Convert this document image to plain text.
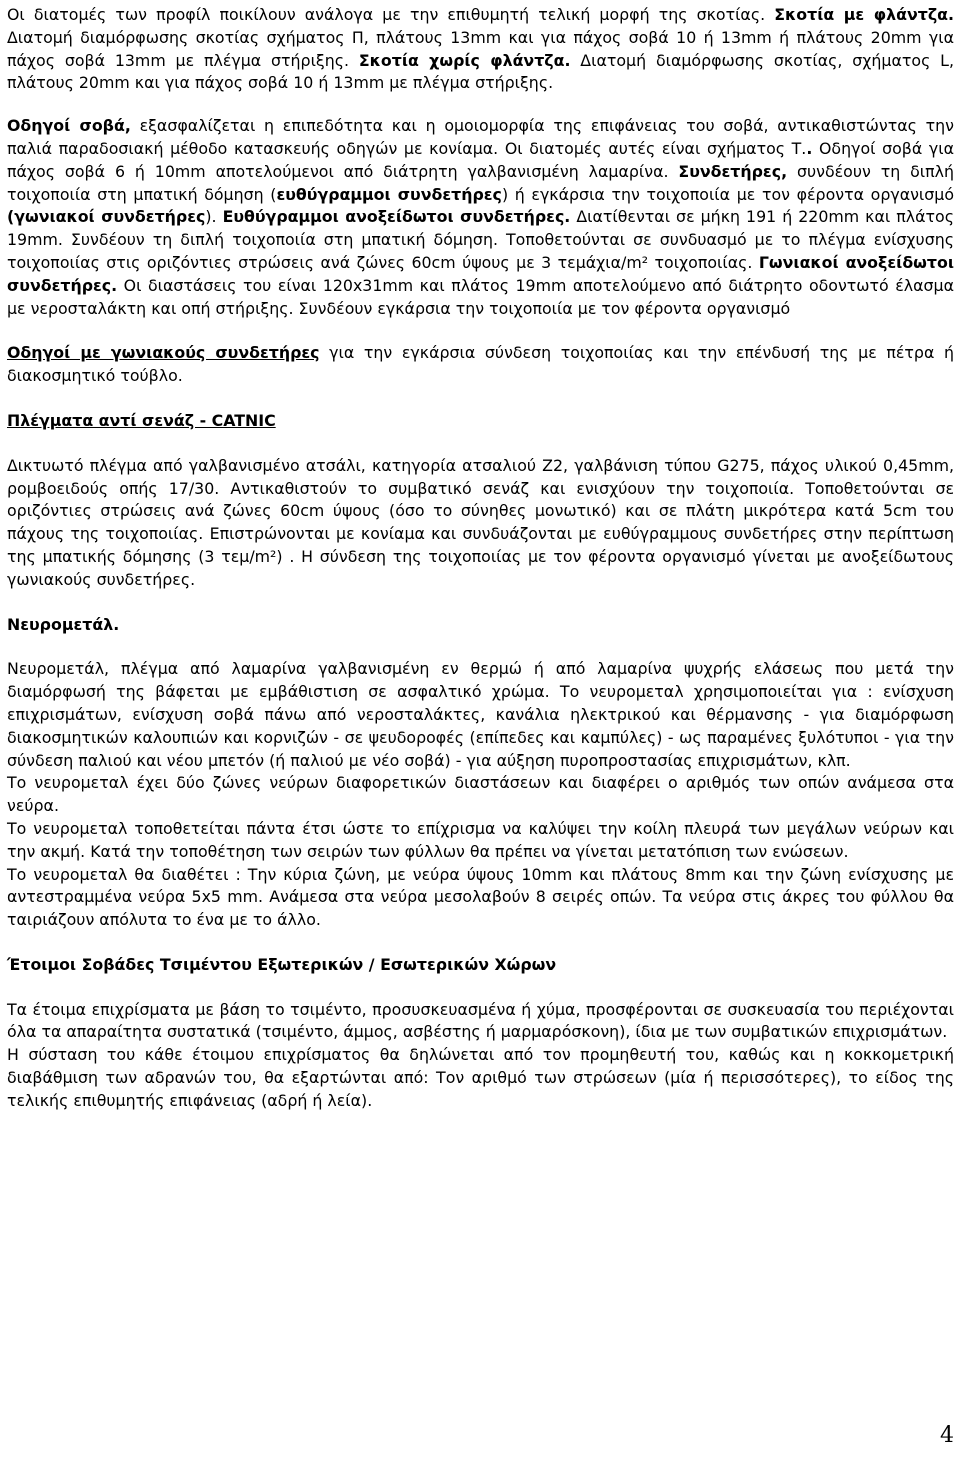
Οι διατομές των προφίλ ποικίλουν ανάλογα με την επιθυμητή τελική μορφή της σκοτίας. Σκοτία με φλάντζα. Διατομή διαμόρφωσης σκοτίας σχήματος Π, πλάτους 13mm και για πάχος σοβά 10 ή 13mm ή πλάτους 20mm για πάχος σοβά 13mm με πλέγμα στήριξης. Σκοτία χωρίς φλάντζα. Διατομή διαμόρφωσης σκοτίας, σχήματος L, πλάτους 20mm και για πάχος σοβά 10 ή 13mm με πλέγμα στήριξης.

Οδηγοί σοβά, εξασφαλίζεται η επιπεδότητα και η ομοιομορφία της επιφάνειας του σοβά, αντικαθιστώντας την παλιά παραδοσιακή μέθοδο κατασκευής οδηγών με κονίαμα. Οι διατομές αυτές είναι σχήματος Τ.. Οδηγοί σοβά για πάχος σοβά 6 ή 10mm αποτελούμενοι από διάτρητη γαλβανισμένη λαμαρίνα. Συνδετήρες, συνδέουν τη διπλή τοιχοποιία στη μπατική δόμηση (ευθύγραμμοι συνδετήρες) ή εγκάρσια την τοιχοποιία με τον φέροντα οργανισμό (γωνιακοί συνδετήρες). Ευθύγραμμοι ανοξείδωτοι συνδετήρες. Διατίθενται σε μήκη 191 ή 220mm και πλάτος 19mm. Συνδέουν τη διπλή τοιχοποιία στη μπατική δόμηση. Τοποθετούνται σε συνδυασμό με το πλέγμα ενίσχυσης τοιχοποιίας στις οριζόντιες στρώσεις ανά ζώνες 60cm ύψους με 3 τεμάχια/m² τοιχοποιίας. Γωνιακοί ανοξείδωτοι συνδετήρες. Οι διαστάσεις του είναι 120x31mm και πλάτος 19mm αποτελούμενο από διάτρητο οδοντωτό έλασμα με νεροσταλάκτη και οπή στήριξης. Συνδέουν εγκάρσια την τοιχοποιία με τον φέροντα οργανισμό

Οδηγοί με γωνιακούς συνδετήρες για την εγκάρσια σύνδεση τοιχοποιίας και την επένδυσή της με πέτρα ή διακοσμητικό τούβλο.

Πλέγματα αντί σενάζ - CATNIC

Δικτυωτό πλέγμα από γαλβανισμένο ατσάλι, κατηγορία ατσαλιού Ζ2, γαλβάνιση τύπου G275, πάχος υλικού 0,45mm, ρομβοειδούς οπής 17/30. Αντικαθιστούν το συμβατικό σενάζ και ενισχύουν την τοιχοποιία. Τοποθετούνται σε οριζόντιες στρώσεις ανά ζώνες 60cm ύψους (όσο το σύνηθες μονωτικό) και σε πλάτη μικρότερα κατά 5cm του πάχους της τοιχοποιίας. Επιστρώνονται με κονίαμα και συνδυάζονται με ευθύγραμμους συνδετήρες στην περίπτωση της μπατικής δόμησης (3 τεμ/m²) . Η σύνδεση της τοιχοποιίας με τον φέροντα οργανισμό γίνεται με ανοξείδωτους γωνιακούς συνδετήρες.

Νευρομετάλ.

Νευρομετάλ, πλέγμα από λαμαρίνα γαλβανισμένη εν θερμώ ή από λαμαρίνα ψυχρής ελάσεως που μετά την διαμόρφωσή της βάφεται με εμβάθιστιση σε ασφαλτικό χρώμα. Το νευρομεταλ χρησιμοποιείται για : ενίσχυση επιχρισμάτων, ενίσχυση σοβά πάνω από νεροσταλάκτες, κανάλια ηλεκτρικού και θέρμανσης - για διαμόρφωση διακοσμητικών καλουπιών και κορνιζών - σε ψευδοροφές (επίπεδες και καμπύλες) - ως παραμένες ξυλότυποι - για την σύνδεση παλιού και νέου μπετόν (ή παλιού με νέο σοβά) - για αύξηση πυροπροστασίας επιχρισμάτων, κλπ.

Το νευρομεταλ έχει δύο ζώνες νεύρων διαφορετικών διαστάσεων και διαφέρει ο αριθμός των οπών ανάμεσα στα νεύρα.

Το νευρομεταλ τοποθετείται πάντα έτσι ώστε το επίχρισμα να καλύψει την κοίλη πλευρά των μεγάλων νεύρων και την ακμή. Κατά την τοποθέτηση των σειρών των φύλλων θα πρέπει να γίνεται μετατόπιση των ενώσεων.

Το νευρομεταλ θα διαθέτει : Την κύρια ζώνη, με νεύρα ύψους 10mm και πλάτους 8mm και την ζώνη ενίσχυσης με αντεστραμμένα νεύρα 5x5 mm. Ανάμεσα στα νεύρα μεσολαβούν 8 σειρές οπών. Τα νεύρα στις άκρες του φύλλου θα ταιριάζουν απόλυτα το ένα με το άλλο.

Έτοιμοι Σοβάδες Τσιμέντου Εξωτερικών / Εσωτερικών Χώρων

Τα έτοιμα επιχρίσματα με βάση το τσιμέντο, προσυσκευασμένα ή χύμα, προσφέρονται σε συσκευασία του περιέχονται όλα τα απαραίτητα συστατικά (τσιμέντο, άμμος, ασβέστης ή μαρμαρόσκονη), ίδια με των συμβατικών επιχρισμάτων.

Η σύσταση του κάθε έτοιμου επιχρίσματος θα δηλώνεται από τον προμηθευτή του, καθώς και η κοκκομετρική διαβάθμιση των αδρανών του, θα εξαρτώνται από: Τον αριθμό των στρώσεων (μία ή περισσότερες), το είδος της τελικής επιθυμητής επιφάνειας (αδρή ή λεία).

4
